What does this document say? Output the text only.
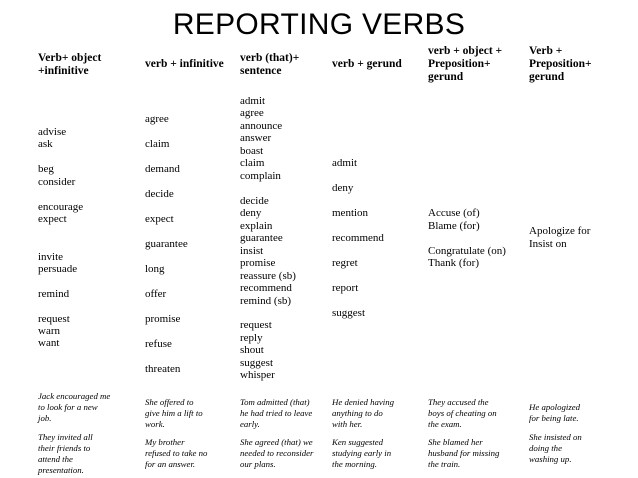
REPORTING VERBS
Verb+ object
+infinitive
advise
ask
beg
consider
encourage
expect
invite
persuade
remind
request
warn
want
Jack encouraged me
to look for a new
job.
They invited all
their friends to
attend the
presentation.
verb + infinitive
agree
claim
demand
decide
expect
guarantee
long
offer
promise
refuse
threaten
She offered to
give him a lift to
work.
My brother
refused to take no
for an answer.
verb (that)+
sentence
admit
agree
announce
answer
boast
claim
complain
decide
deny
explain
guarantee
insist
promise
reassure (sb)
recommend
remind (sb)
request
reply
shout
suggest
whisper
Tom admitted (that)
he had tried to leave
early.
She agreed (that) we
needed to reconsider
our plans.
verb + gerund
admit
deny
mention
recommend
regret
report
suggest
He denied having
anything to do
with her.
Ken suggested
studying early in
the morning.
verb + object +
Preposition+
gerund
Accuse (of)
Blame (for)
Congratulate (on)
Thank (for)
They accused the
boys of cheating on
the exam.
She blamed her
husband for missing
the train.
Verb +
Preposition+
gerund
Apologize for
Insist on
He apologized
for being late.
She insisted on
doing the
washing up.
